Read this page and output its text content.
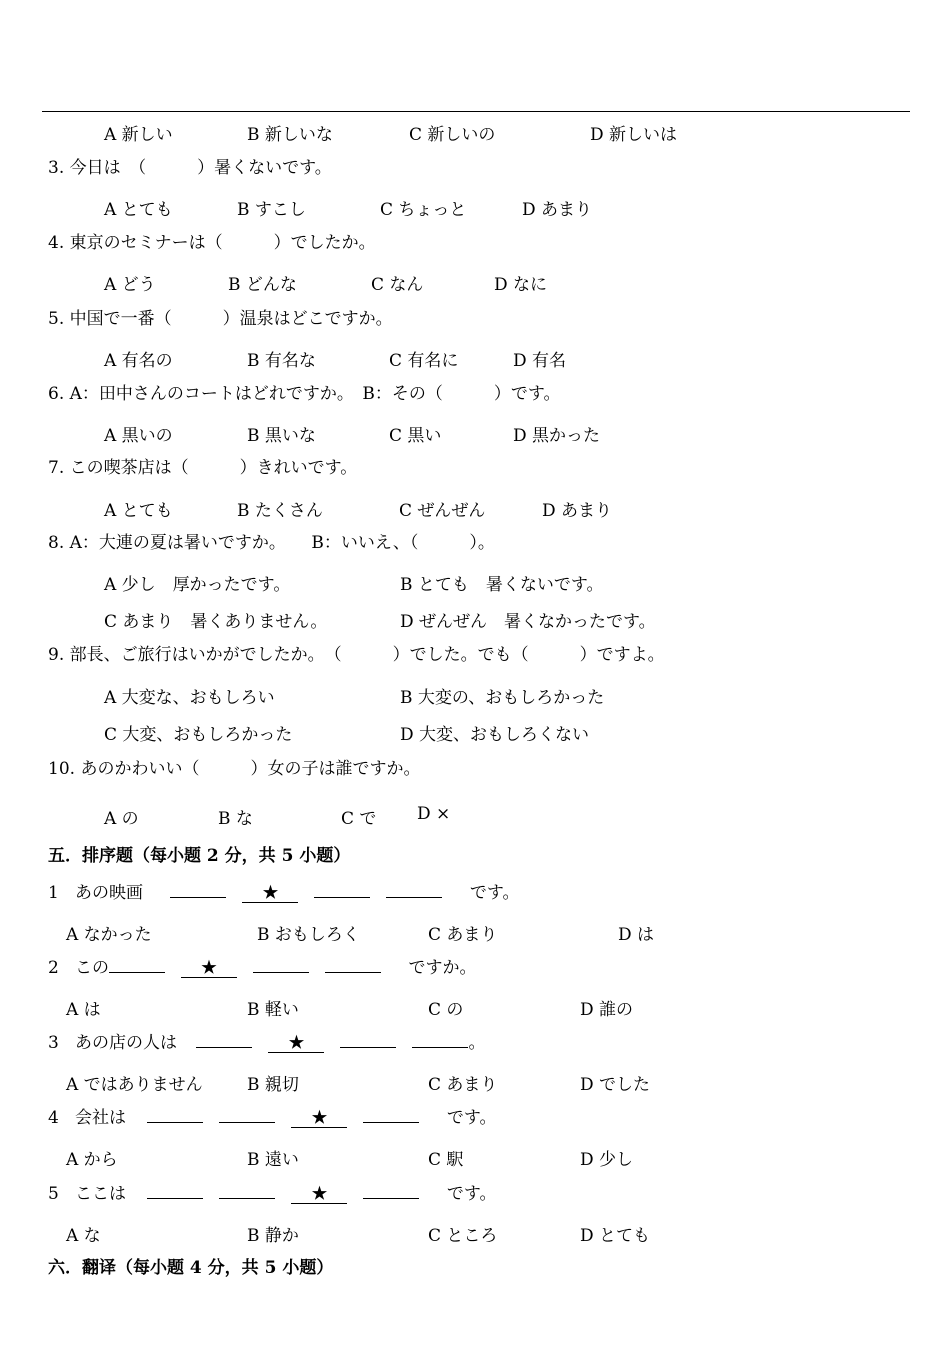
A 新しい	B 新しいな	C 新しいの	D 新しいは
3. 今日は　（　　　）暑くないです。
A とても	B すこし	C ちょっと	D あまり
4. 東京のセミナーは（　　　）でしたか。
A どう	B どんな	C なん	D なに
5. 中国で一番（　　　）温泉はどこですか。
A 有名の	B 有名な	C 有名に	D 有名
6. A：田中さんのコートはどれですか。　B：その（　　　）です。
A 黒いの	B 黒いな	C 黒い	D 黒かった
7. この喫茶店は（　　　）きれいです。
A とても	B たくさん	C ぜんぜん	D あまり
8. A：大連の夏は暑いですか。　　B：いいえ、（　　　）。
A 少し　厚かったです。	B とても　暑くないです。
C あまり　暑くありません。	D ぜんぜん　暑くなかったです。
9. 部長、ご旅行はいかがでしたか。　（　　　）でした。でも（　　　）ですよ。
A 大変な、おもしろい	B 大変の、おもしろかった
C 大変、おもしろかった	D 大変、おもしろくない
10. あのかわいい（　　　）女の子は誰ですか。
A の	B な	C で D ×
五．排序题（每小题 2 分，共 5 小题）
1 あの映画	★	です。
A なかった	B おもしろく	C あまり	D は
2 この	★	ですか。
A は	B 軽い	C の	D 誰の
3 あの店の人は	★	。
A ではありません	B 親切	C あまり	D でした
4 会社は	★	です。
A から	B 遠い	C 駅	D 少し
5 ここは	★	です。
A な	B 静か	C ところ	D とても
六．翻译（每小题 4 分，共 5 小题）
